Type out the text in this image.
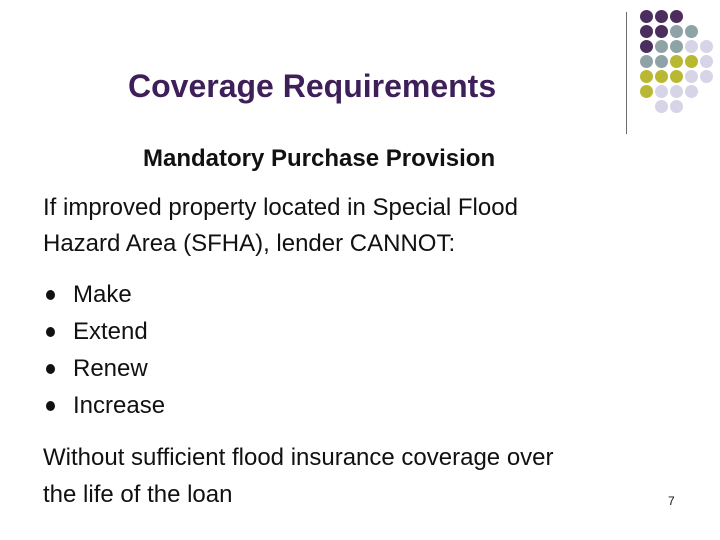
Coverage Requirements
Mandatory Purchase Provision
If improved property located in Special Flood
Hazard Area (SFHA), lender CANNOT:
Make
Extend
Renew
Increase
Without sufficient flood insurance coverage over
the life of the loan	7
